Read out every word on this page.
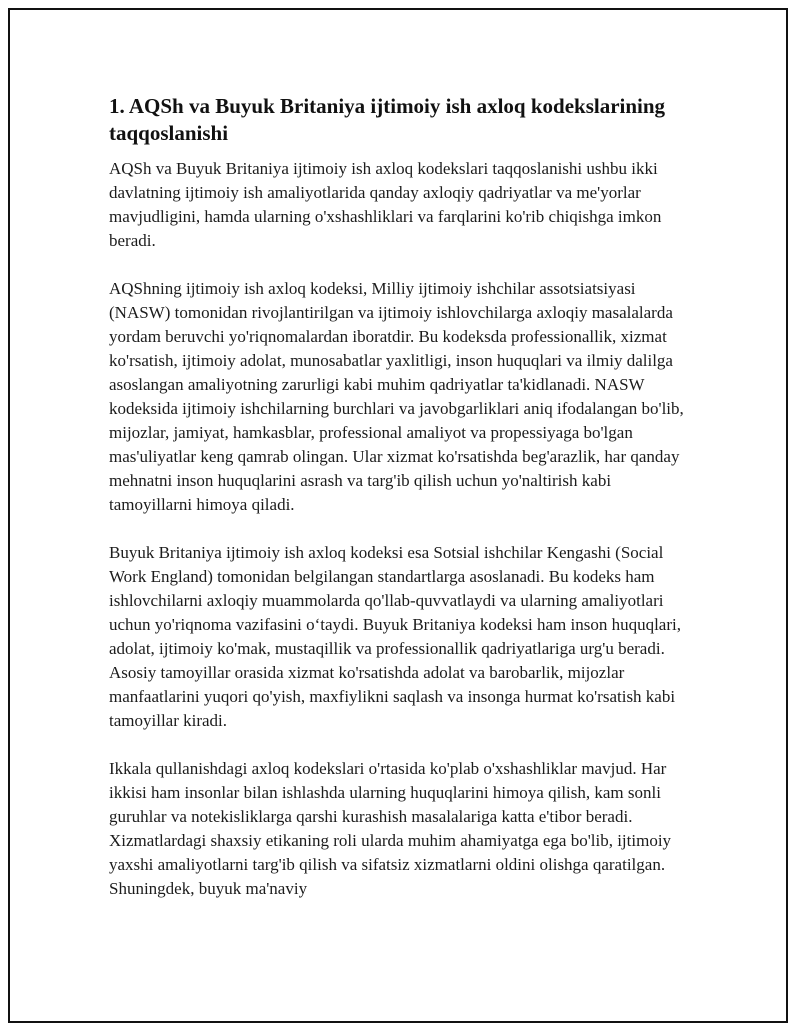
1. AQSh va Buyuk Britaniya ijtimoiy ish axloq kodekslarining taqqoslanishi

AQSh va Buyuk Britaniya ijtimoiy ish axloq kodekslari taqqoslanishi ushbu ikki davlatning ijtimoiy ish amaliyotlarida qanday axloqiy qadriyatlar va me'yorlar mavjudligini, hamda ularning o'xshashliklari va farqlarini ko'rib chiqishga imkon beradi.

AQShning ijtimoiy ish axloq kodeksi, Milliy ijtimoiy ishchilar assotsiatsiyasi (NASW) tomonidan rivojlantirilgan va ijtimoiy ishlovchilarga axloqiy masalalarda yordam beruvchi yo'riqnomalardan iboratdir. Bu kodeksda professionallik, xizmat ko'rsatish, ijtimoiy adolat, munosabatlar yaxlitligi, inson huquqlari va ilmiy dalilga asoslangan amaliyotning zarurligi kabi muhim qadriyatlar ta'kidlanadi. NASW kodeksida ijtimoiy ishchilarning burchlari va javobgarliklari aniq ifodalangan bo'lib, mijozlar, jamiyat, hamkasblar, professional amaliyot va propessiyaga bo'lgan mas'uliyatlar keng qamrab olingan. Ular xizmat ko'rsatishda beg'arazlik, har qanday mehnatni inson huquqlarini asrash va targ'ib qilish uchun yo'naltirish kabi tamoyillarni himoya qiladi.

Buyuk Britaniya ijtimoiy ish axloq kodeksi esa Sotsial ishchilar Kengashi (Social Work England) tomonidan belgilangan standartlarga asoslanadi. Bu kodeks ham ishlovchilarni axloqiy muammolarda qo'llab-quvvatlaydi va ularning amaliyotlari uchun yo'riqnoma vazifasini o‘taydi. Buyuk Britaniya kodeksi ham inson huquqlari, adolat, ijtimoiy ko'mak, mustaqillik va professionallik qadriyatlariga urg'u beradi. Asosiy tamoyillar orasida xizmat ko'rsatishda adolat va barobarlik, mijozlar manfaatlarini yuqori qo'yish, maxfiylikni saqlash va insonga hurmat ko'rsatish kabi tamoyillar kiradi.

Ikkala qullanishdagi axloq kodekslari o'rtasida ko'plab o'xshashliklar mavjud. Har ikkisi ham insonlar bilan ishlashda ularning huquqlarini himoya qilish, kam sonli guruhlar va notekisliklarga qarshi kurashish masalalariga katta e'tibor beradi. Xizmatlardagi shaxsiy etikaning roli ularda muhim ahamiyatga ega bo'lib, ijtimoiy yaxshi amaliyotlarni targ'ib qilish va sifatsiz xizmatlarni oldini olishga qaratilgan. Shuningdek, buyuk ma'naviy
